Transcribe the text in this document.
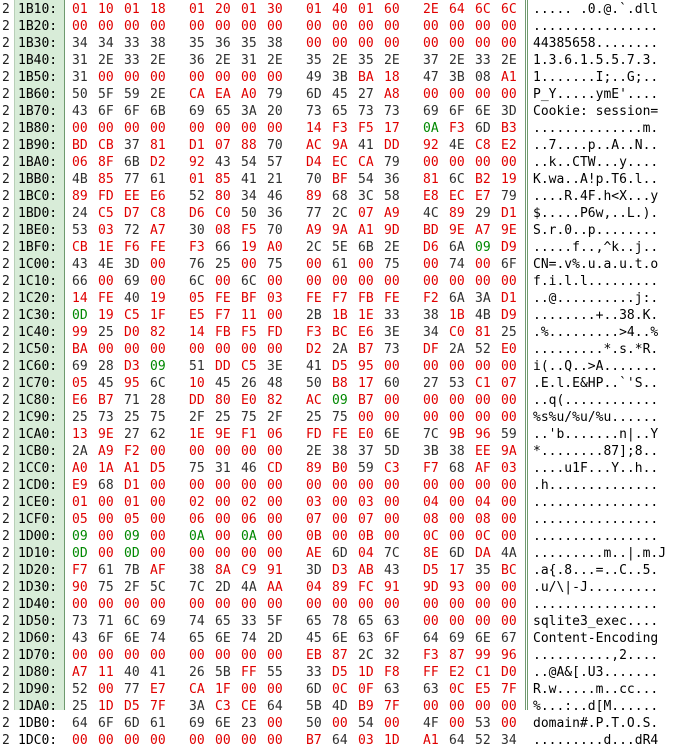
2 1B10: 01 10 01 18 01 20 01 30 01 40 01 60 2E 64 6C 6C ..... .0.@.`.dll
2 1B20: 00 00 00 00 00 00 00 00 00 00 00 00 00 00 00 00 ................
2 1B30: 34 34 33 38 35 36 35 38 00 00 00 00 00 00 00 00 44385658........
2 1B40: 31 2E 33 2E 36 2E 31 2E 35 2E 35 2E 37 2E 33 2E 1.3.6.1.5.5.7.3.
2 1B50: 31 00 00 00 00 00 00 00 49 3B BA 18 47 3B 08 A1 1.......I;..G;..
2 1B60: 50 5F 59 2E CA EA A0 79 6D 45 27 A8 00 00 00 00 P_Y.....ymE'....
2 1B70: 43 6F 6F 6B 69 65 3A 20 73 65 73 73 69 6F 6E 3D Cookie: session=
2 1B80: 00 00 00 00 00 00 00 00 14 F3 F5 17 0A F3 6D B3 ..............m.
2 1B90: BD CB 37 81 D1 07 88 70 AC 9A 41 DD 92 4E C8 E2 ..7....p..A..N..
2 1BA0: 06 8F 6B D2 92 43 54 57 D4 EC CA 79 00 00 00 00 ..k..CTW...y....
2 1BB0: 4B 85 77 61 01 85 41 21 70 BF 54 36 81 6C B2 19 K.wa..A!p.T6.l..
2 1BC0: 89 FD EE E6 52 80 34 46 89 68 3C 58 E8 EC E7 79 ....R.4F.h<X...y
2 1BD0: 24 C5 D7 C8 D6 C0 50 36 77 2C 07 A9 4C 89 29 D1 $.....P6w,..L.).
2 1BE0: 53 03 72 A7 30 08 F5 70 A9 9A A1 9D BD 9E A7 9E S.r.0..p........
2 1BF0: CB 1E F6 FE F3 66 19 A0 2C 5E 6B 2E D6 6A 09 D9 .....f..,^k..j..
2 1C00: 43 4E 3D 00 76 25 00 75 00 61 00 75 00 74 00 6F CN=.v%.u.a.u.t.o
2 1C10: 66 00 69 00 6C 00 6C 00 00 00 00 00 00 00 00 00 f.i.l.l.........
2 1C20: 14 FE 40 19 05 FE BF 03 FE F7 FB FE F2 6A 3A D1 ..@..........j:.
2 1C30: 0D 19 C5 1F E5 F7 11 00 2B 1B 1E 33 38 1B 4B D9 ........+..38.K.
2 1C40: 99 25 D0 82 14 FB F5 FD F3 BC E6 3E 34 C0 81 25 .%.........>4..%
2 1C50: BA 00 00 00 00 00 00 00 D2 2A B7 73 DF 2A 52 E0 .........*.s.*R.
2 1C60: 69 28 D3 09 51 DD C5 3E 41 D5 95 00 00 00 00 00 i(..Q..>A.......
2 1C70: 05 45 95 6C 10 45 26 48 50 B8 17 60 27 53 C1 07 .E.l.E&HP..`'S..
2 1C80: E6 B7 71 28 DD 80 E0 82 AC 09 B7 00 00 00 00 00 ..q(............
2 1C90: 25 73 25 75 2F 25 75 2F 25 75 00 00 00 00 00 00 %s%u/%u/%u......
2 1CA0: 13 9E 27 62 1E 9E F1 06 FD FE E0 6E 7C 9B 96 59 ..'b.......n|..Y
2 1CB0: 2A A9 F2 00 00 00 00 00 2E 38 37 5D 3B 38 EE 9A *........87];8..
2 1CC0: A0 1A A1 D5 75 31 46 CD 89 B0 59 C3 F7 68 AF 03 ....u1F...Y..h..
2 1CD0: E9 68 D1 00 00 00 00 00 00 00 00 00 00 00 00 00 .h..............
2 1CE0: 01 00 01 00 02 00 02 00 03 00 03 00 04 00 04 00 ................
2 1CF0: 05 00 05 00 06 00 06 00 07 00 07 00 08 00 08 00 ................
2 1D00: 09 00 09 00 0A 00 0A 00 0B 00 0B 00 0C 00 0C 00 ................
2 1D10: 0D 00 0D 00 00 00 00 00 AE 6D 04 7C 8E 6D DA 4A .........m..|.m.J
2 1D20: F7 61 7B AF 38 8A C9 91 3D D3 AB 43 D5 17 35 BC .a{.8...=..C..5.
2 1D30: 90 75 2F 5C 7C 2D 4A AA 04 89 FC 91 9D 93 00 00 .u/\|-J.........
2 1D40: 00 00 00 00 00 00 00 00 00 00 00 00 00 00 00 00 ................
2 1D50: 73 71 6C 69 74 65 33 5F 65 78 65 63 00 00 00 00 sqlite3_exec....
2 1D60: 43 6F 6E 74 65 6E 74 2D 45 6E 63 6F 64 69 6E 67 Content-Encoding
2 1D70: 00 00 00 00 00 00 00 00 EB 87 2C 32 F3 87 99 96 ..........,2....
2 1D80: A7 11 40 41 26 5B FF 55 33 D5 1D F8 FF E2 C1 D0 ..@A&[.U3.......
2 1D90: 52 00 77 E7 CA 1F 00 00 6D 0C 0F 63 63 0C E5 7F R.w.....m..cc...
2 1DA0: 25 1D D5 7F 3A C3 CE 64 5B 4D B9 7F 00 00 00 00 %...:..d[M......
2 1DB0: 64 6F 6D 61 69 6E 23 00 50 00 54 00 4F 00 53 00 domain#.P.T.O.S.
2 1DC0: 00 00 00 00 00 00 00 00 B7 64 03 1D A1 64 52 34 .........d...dR4
